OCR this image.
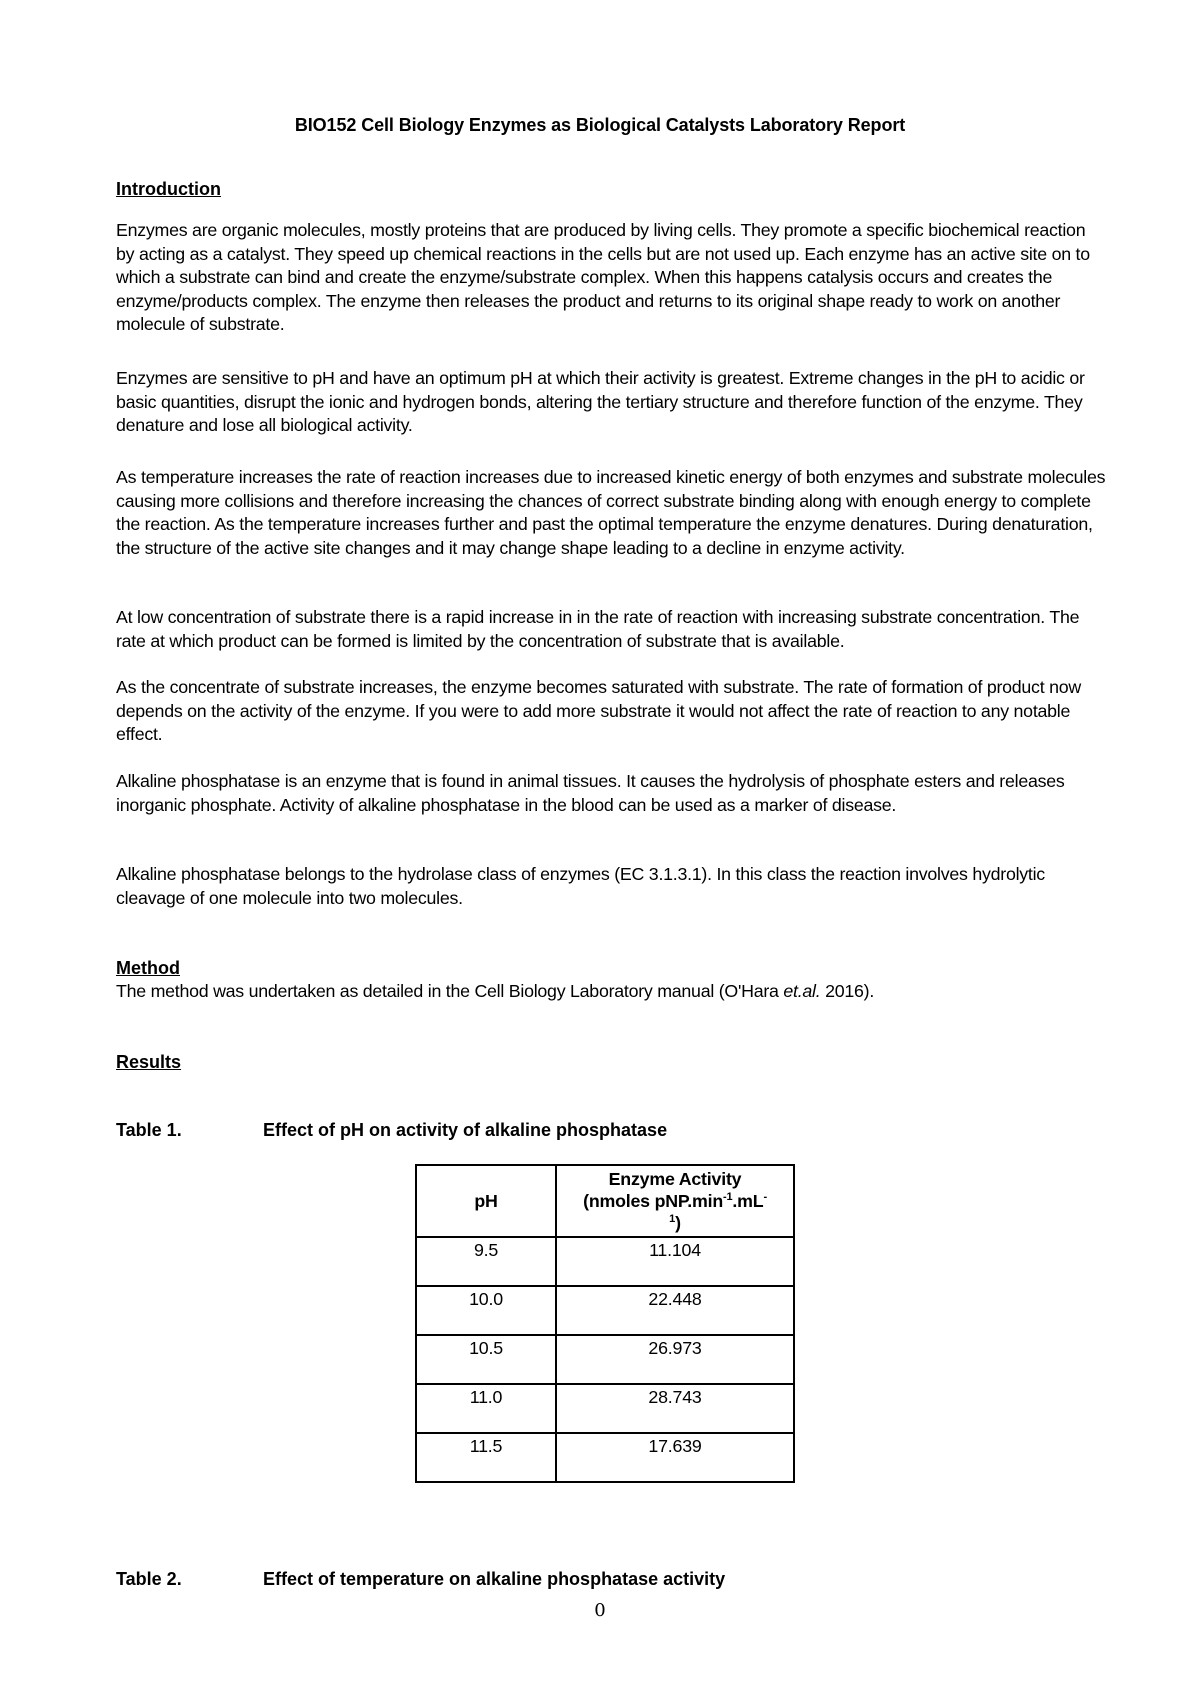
BIO152 Cell Biology Enzymes as Biological Catalysts Laboratory Report
Introduction

Enzymes are organic molecules, mostly proteins that are produced by living cells. They promote a specific biochemical reaction by acting as a catalyst. They speed up chemical reactions in the cells but are not used up. Each enzyme has an active site on to which a substrate can bind and create the enzyme/substrate complex. When this happens catalysis occurs and creates the enzyme/products complex. The enzyme then releases the product and returns to its original shape ready to work on another molecule of substrate.

Enzymes are sensitive to pH and have an optimum pH at which their activity is greatest. Extreme changes in the pH to acidic or basic quantities, disrupt the ionic and hydrogen bonds, altering the tertiary structure and therefore function of the enzyme. They denature and lose all biological activity.

As temperature increases the rate of reaction increases due to increased kinetic energy of both enzymes and substrate molecules causing more collisions and therefore increasing the chances of correct substrate binding along with enough energy to complete the reaction. As the temperature increases further and past the optimal temperature the enzyme denatures. During denaturation, the structure of the active site changes and it may change shape leading to a decline in enzyme activity.

At low concentration of substrate there is a rapid increase in in the rate of reaction with increasing substrate concentration. The rate at which product can be formed is limited by the concentration of substrate that is available.

As the concentrate of substrate increases, the enzyme becomes saturated with substrate. The rate of formation of product now depends on the activity of the enzyme. If you were to add more substrate it would not affect the rate of reaction to any notable effect.

Alkaline phosphatase is an enzyme that is found in animal tissues. It causes the hydrolysis of phosphate esters and releases inorganic phosphate. Activity of alkaline phosphatase in the blood can be used as a marker of disease.

Alkaline phosphatase belongs to the hydrolase class of enzymes (EC 3.1.3.1). In this class the reaction involves hydrolytic cleavage of one molecule into two molecules.

Method

The method was undertaken as detailed in the Cell Biology Laboratory manual (O'Hara et.al. 2016).

Results
Table 1.	Effect of pH on activity of alkaline phosphatase
pH	Enzyme Activity
(nmoles $pNP.\min^{-1}.mL^-$
$^1$)
9.5	11.104
10.0	22.448
10.5	26.973
11.0	28.743
11.5	17.639
Table 2.	Effect of temperature on alkaline phosphatase activity
0
